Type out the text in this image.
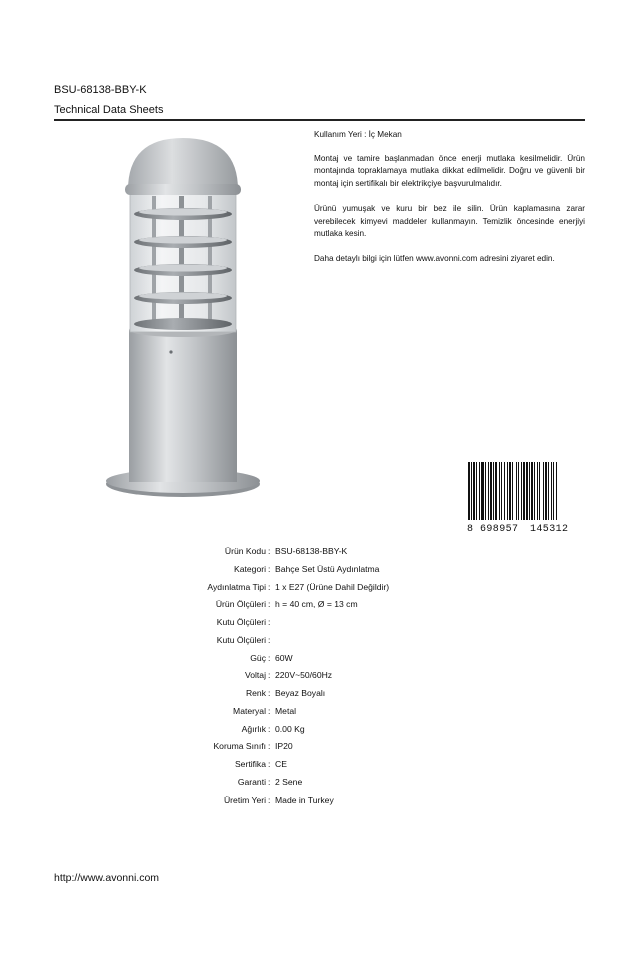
BSU-68138-BBY-K
Technical Data Sheets

Kullanım Yeri : İç Mekan

Montaj ve tamire başlanmadan önce enerji mutlaka kesilmelidir. Ürün montajında topraklamaya mutlaka dikkat edilmelidir. Doğru ve güvenli bir montaj için sertifikalı bir elektrikçiye başvurulmalıdır.

Ürünü yumuşak ve kuru bir bez ile silin. Ürün kaplamasına zarar verebilecek kimyevi maddeler kullanmayın. Temizlik öncesinde enerjiyi mutlaka kesin.

Daha detaylı bilgi için lütfen www.avonni.com adresini ziyaret edin.

8 698957 145312
Ürün Kodu : BSU-68138-BBY-K
Kategori : Bahçe Set Üstü Aydınlatma
Aydınlatma Tipi : 1 x E27 (Ürüne Dahil Değildir)
Ürün Ölçüleri : h = 40 cm, Ø = 13 cm
Kutu Ölçüleri :
Kutu Ölçüleri :
Güç : 60W
Voltaj : 220V~50/60Hz
Renk : Beyaz Boyalı
Materyal : Metal
Ağırlık : 0.00 Kg
Koruma Sınıfı : IP20
Sertifika : CE
Garanti : 2 Sene
Üretim Yeri : Made in Turkey
http://www.avonni.com
